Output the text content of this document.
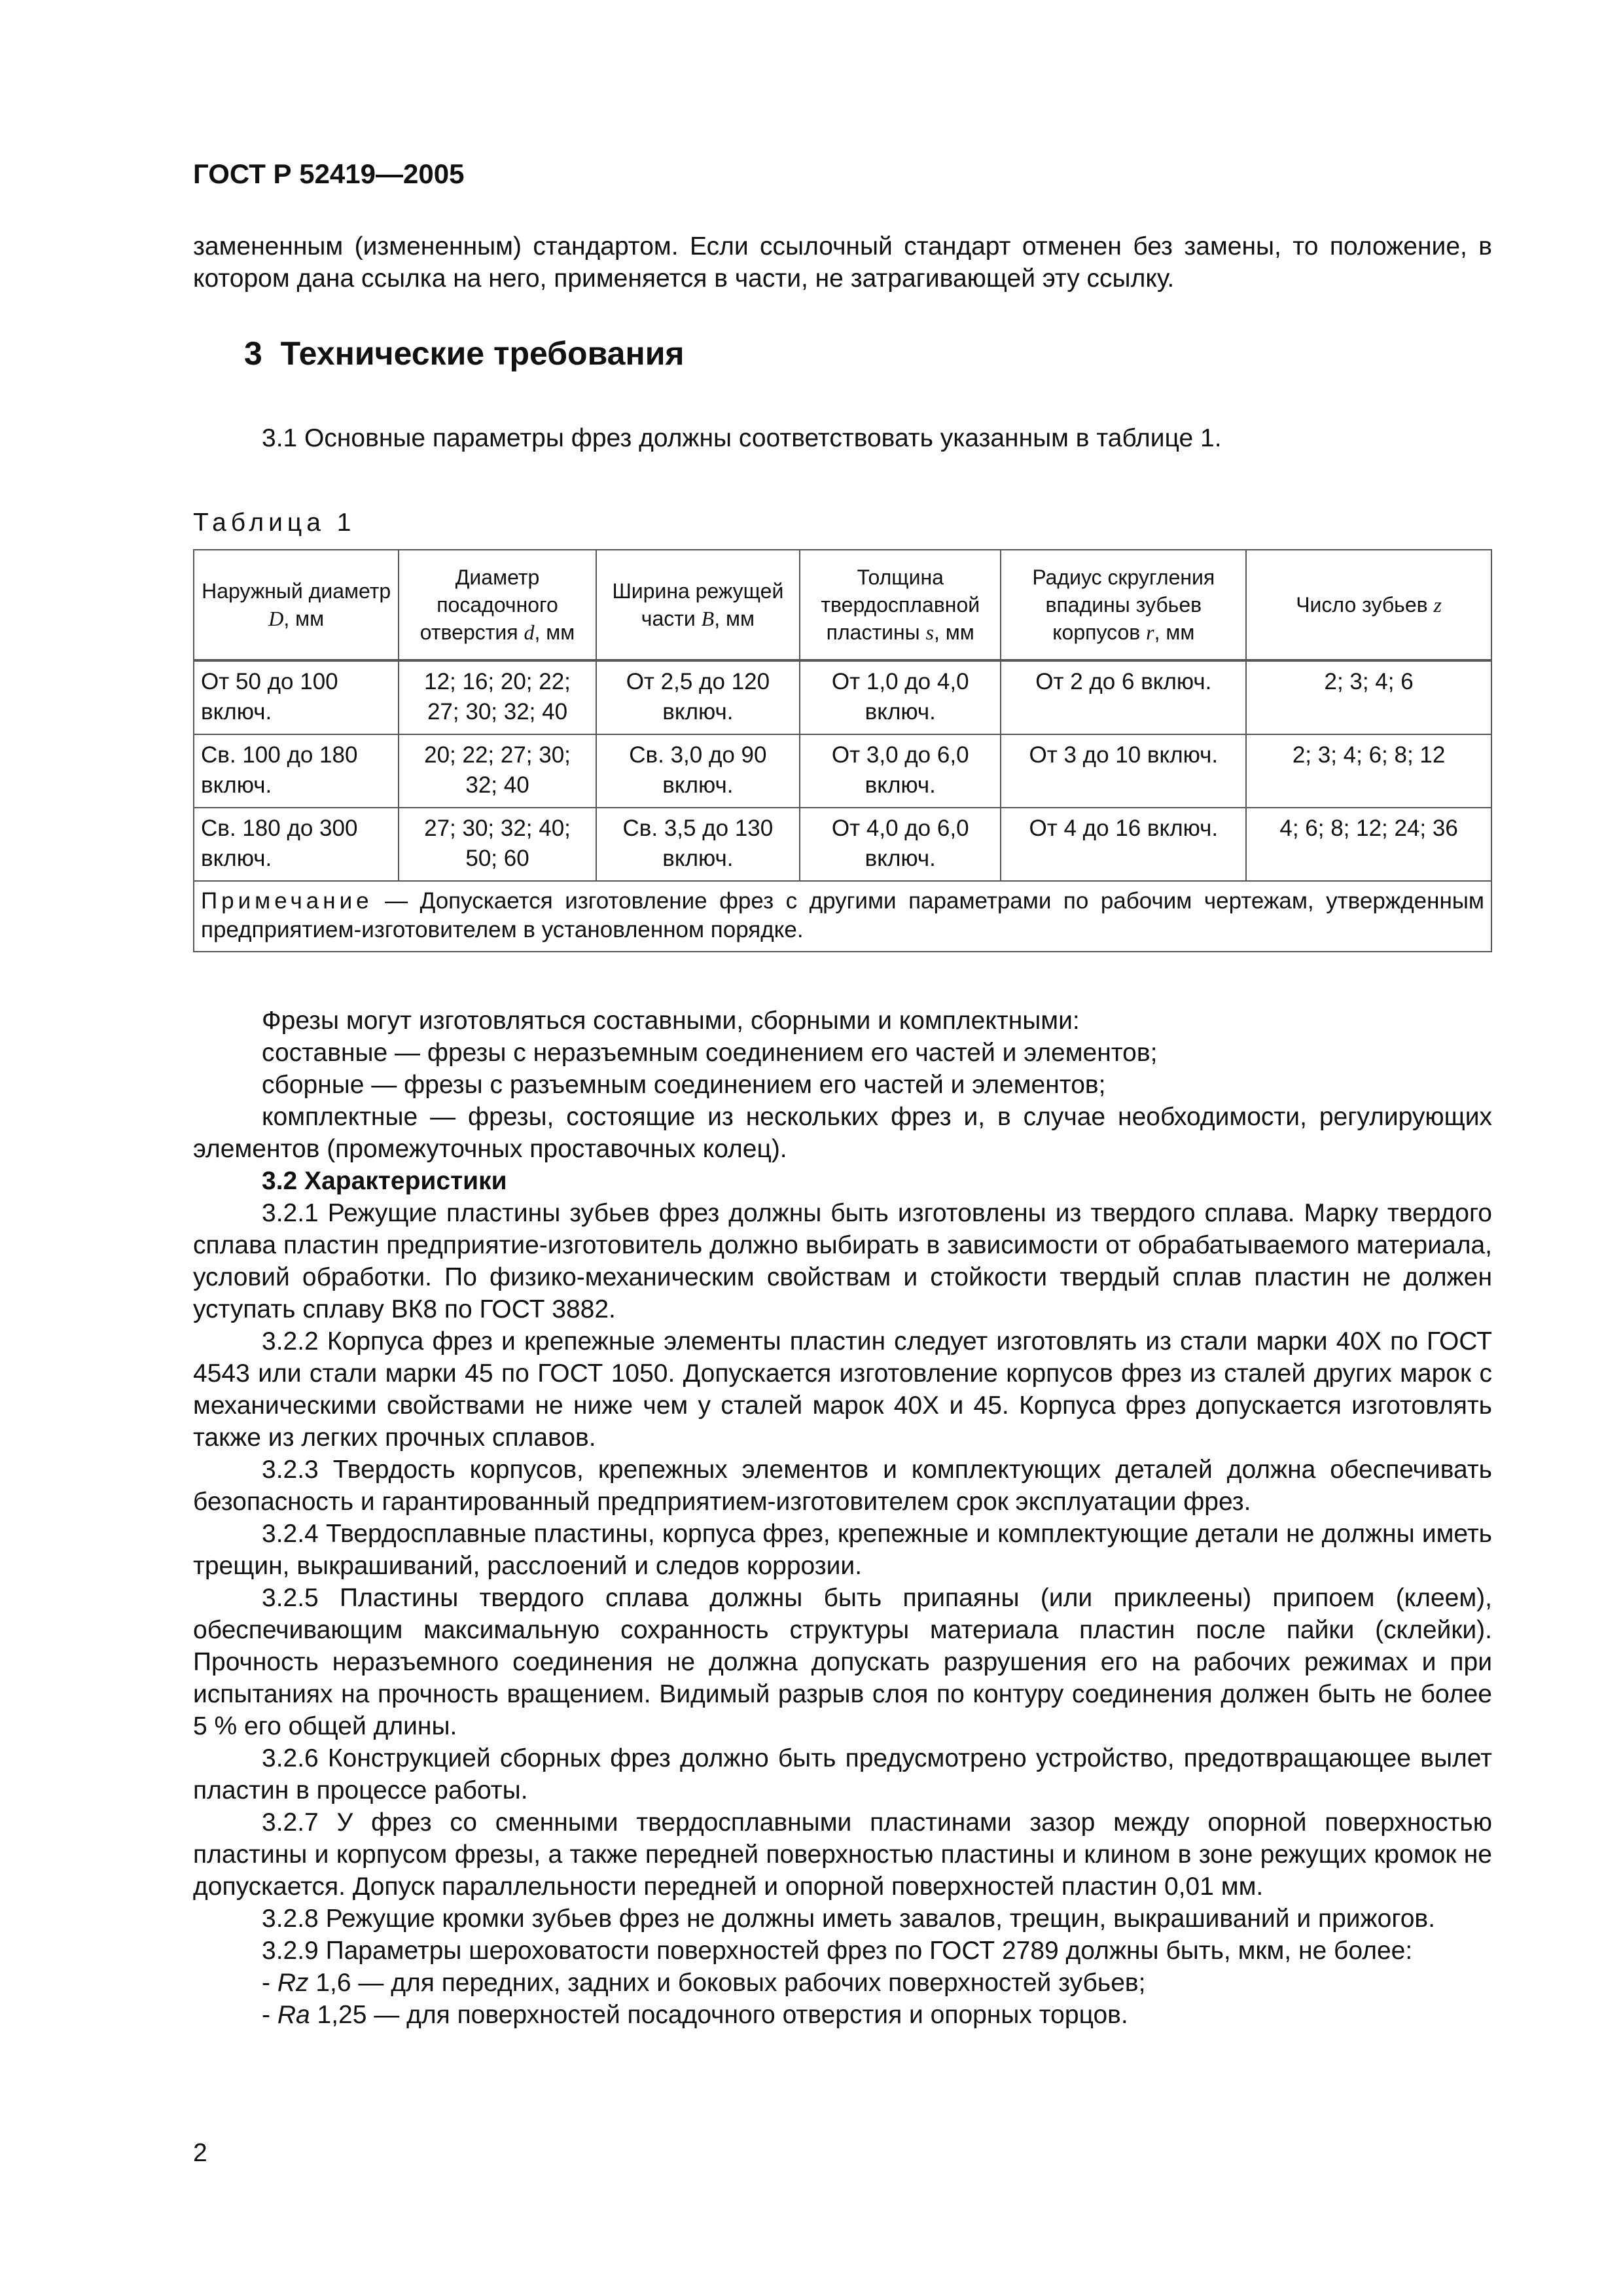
ГОСТ Р 52419—2005

замененным (измененным) стандартом. Если ссылочный стандарт отменен без замены, то положение, в котором дана ссылка на него, применяется в части, не затрагивающей эту ссылку.

3 Технические требования

3.1 Основные параметры фрез должны соответствовать указанным в таблице 1.

Таблица 1
Наружный диаметр D, мм	Диаметр посадочного отверстия d, мм	Ширина режущей части B, мм	Толщина твердосплавной пластины s, мм	Радиус скругления впадины зубьев корпусов r, мм	Число зубьев z
От 50 до 100 включ.	12; 16; 20; 22; 27; 30; 32; 40	От 2,5 до 120 включ.	От 1,0 до 4,0 включ.	От 2 до 6 включ.	2; 3; 4; 6
Св. 100 до 180 включ.	20; 22; 27; 30; 32; 40	Св. 3,0 до 90 включ.	От 3,0 до 6,0 включ.	От 3 до 10 включ.	2; 3; 4; 6; 8; 12
Св. 180 до 300 включ.	27; 30; 32; 40; 50; 60	Св. 3,5 до 130 включ.	От 4,0 до 6,0 включ.	От 4 до 16 включ.	4; 6; 8; 12; 24; 36
Примечание — Допускается изготовление фрез с другими параметрами по рабочим чертежам, утвержденным предприятием-изготовителем в установленном порядке.					

Фрезы могут изготовляться составными, сборными и комплектными:

составные — фрезы с неразъемным соединением его частей и элементов;

сборные — фрезы с разъемным соединением его частей и элементов;

комплектные — фрезы, состоящие из нескольких фрез и, в случае необходимости, регулирующих элементов (промежуточных проставочных колец).

3.2 Характеристики

3.2.1 Режущие пластины зубьев фрез должны быть изготовлены из твердого сплава. Марку твердого сплава пластин предприятие-изготовитель должно выбирать в зависимости от обрабатываемого материала, условий обработки. По физико-механическим свойствам и стойкости твердый сплав пластин не должен уступать сплаву ВК8 по ГОСТ 3882.

3.2.2 Корпуса фрез и крепежные элементы пластин следует изготовлять из стали марки 40Х по ГОСТ 4543 или стали марки 45 по ГОСТ 1050. Допускается изготовление корпусов фрез из сталей других марок с механическими свойствами не ниже чем у сталей марок 40Х и 45. Корпуса фрез допускается изготовлять также из легких прочных сплавов.

3.2.3 Твердость корпусов, крепежных элементов и комплектующих деталей должна обеспечивать безопасность и гарантированный предприятием-изготовителем срок эксплуатации фрез.

3.2.4 Твердосплавные пластины, корпуса фрез, крепежные и комплектующие детали не должны иметь трещин, выкрашиваний, расслоений и следов коррозии.

3.2.5 Пластины твердого сплава должны быть припаяны (или приклеены) припоем (клеем), обеспечивающим максимальную сохранность структуры материала пластин после пайки (склейки). Прочность неразъемного соединения не должна допускать разрушения его на рабочих режимах и при испытаниях на прочность вращением. Видимый разрыв слоя по контуру соединения должен быть не более 5 % его общей длины.

3.2.6 Конструкцией сборных фрез должно быть предусмотрено устройство, предотвращающее вылет пластин в процессе работы.

3.2.7 У фрез со сменными твердосплавными пластинами зазор между опорной поверхностью пластины и корпусом фрезы, а также передней поверхностью пластины и клином в зоне режущих кромок не допускается. Допуск параллельности передней и опорной поверхностей пластин 0,01 мм.

3.2.8 Режущие кромки зубьев фрез не должны иметь завалов, трещин, выкрашиваний и прижогов.

3.2.9 Параметры шероховатости поверхностей фрез по ГОСТ 2789 должны быть, мкм, не более:

- Rz 1,6 — для передних, задних и боковых рабочих поверхностей зубьев;

- Ra 1,25 — для поверхностей посадочного отверстия и опорных торцов.

2
